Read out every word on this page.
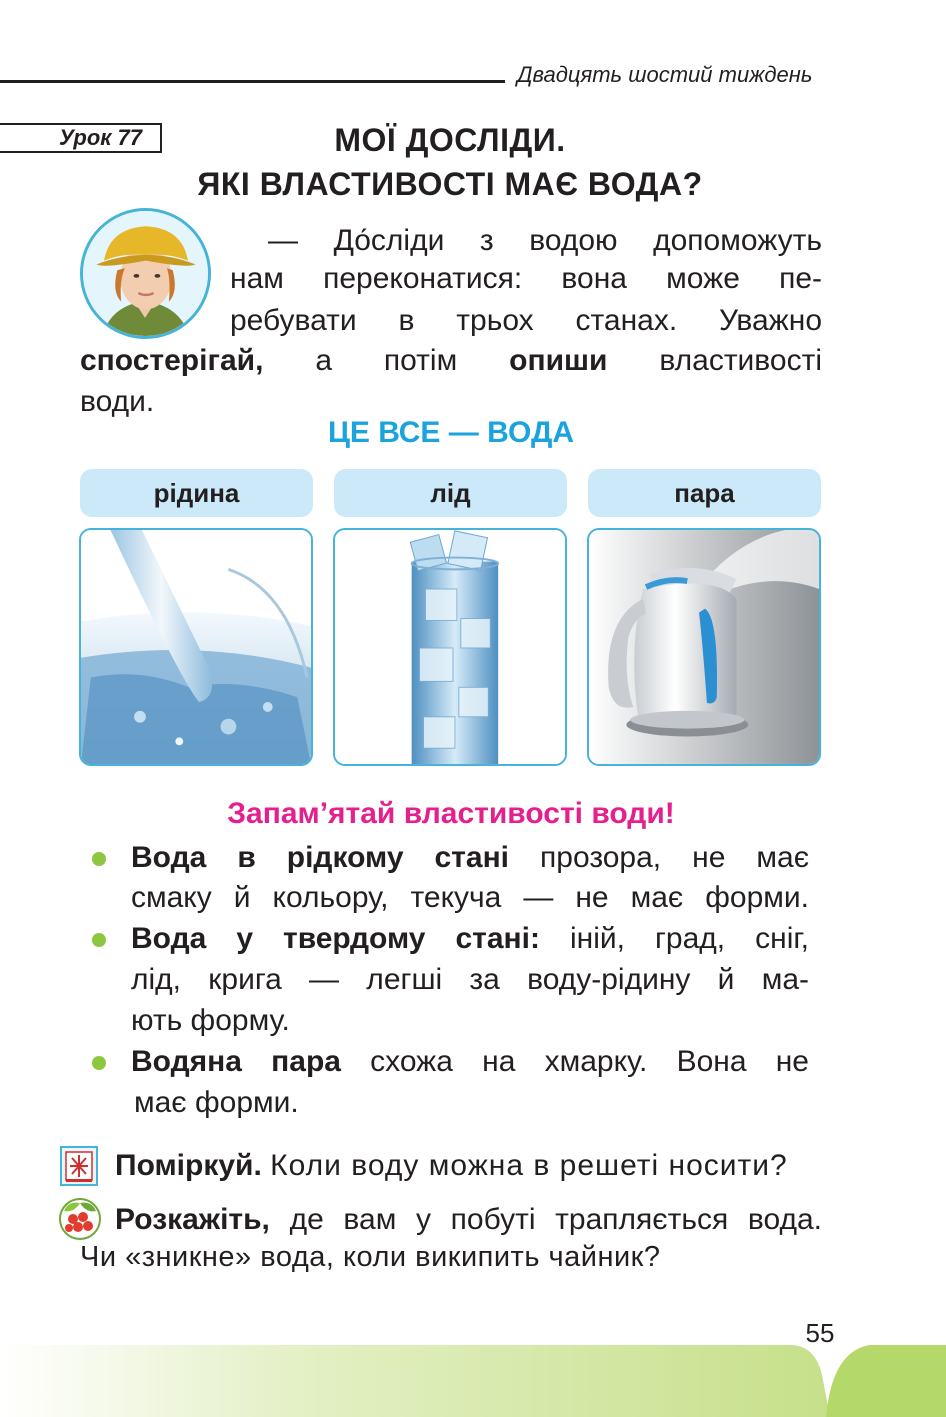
Двадцять шостий тиждень
Урок 77	МОЇ ДОСЛІДИ.
ЯКІ ВЛАСТИВОСТІ МАЄ ВОДА?
— До́сліди з водою допоможуть
нам переконатися: вона може пе-
ребувати в трьох станах. Уважно
спостерігай, а потім опиши властивості
води.
ЦЕ ВСЕ — ВОДА
рідина	лід	пара
Запам’ятай властивості води!
Вода в рідкому стані прозора, не має
смаку й кольору, текуча — не має форми.
Вода у твердому стані: іній, град, сніг,
лід, крига — легші за воду-рідину й ма-
ють форму.
Водяна пара схожа на хмарку. Вона не
має форми.
Поміркуй. Коли воду можна в решеті носити?
Розкажіть, де вам у побуті трапляється вода.
Чи «зникне» вода, коли википить чайник?
55
